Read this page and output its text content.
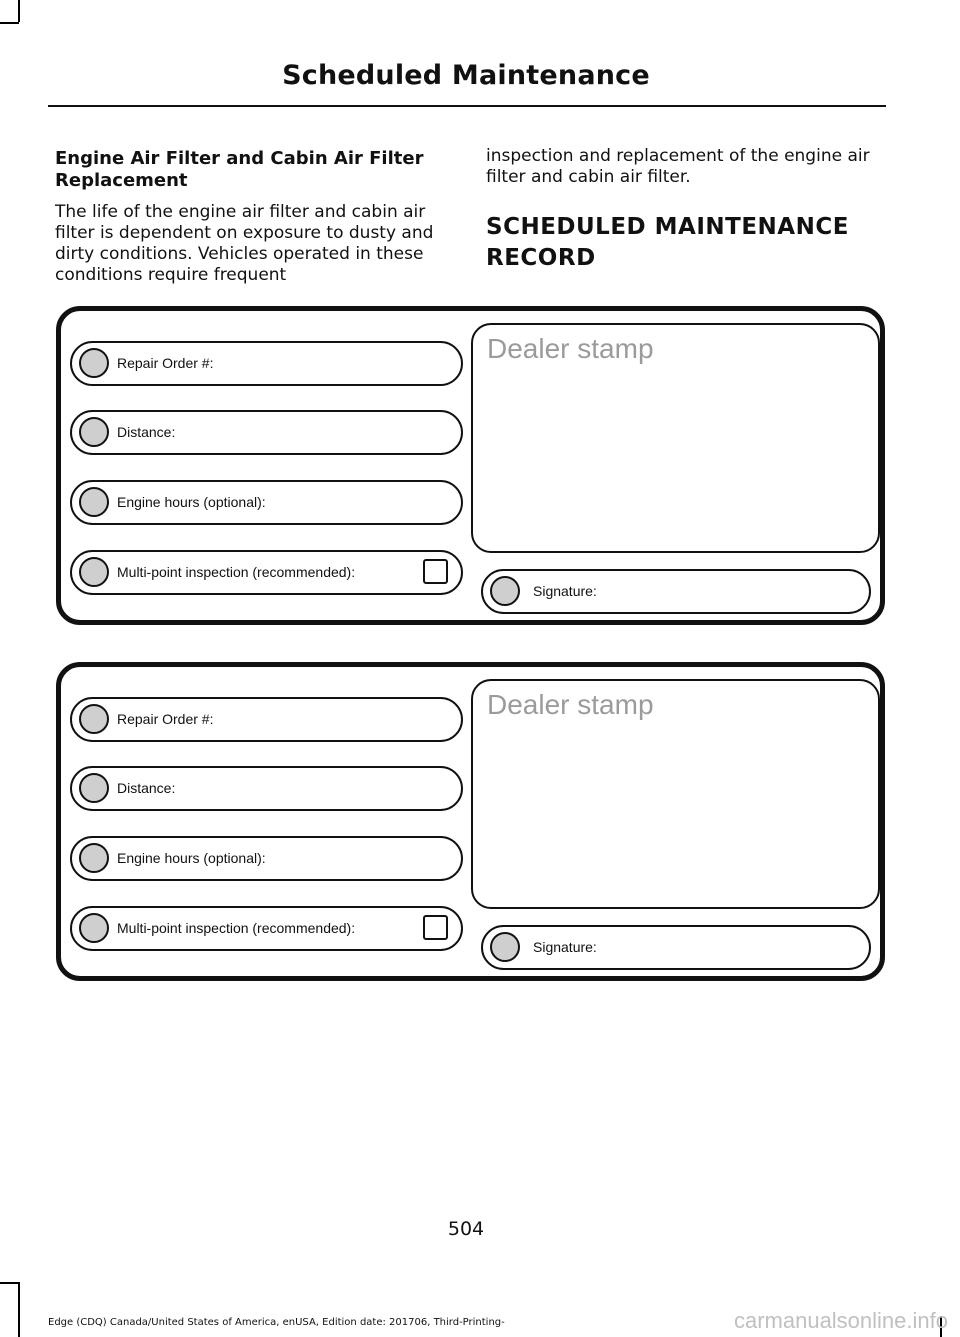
Scheduled Maintenance
Engine Air Filter and Cabin Air Filter Replacement

The life of the engine air filter and cabin air filter is dependent on exposure to dusty and dirty conditions. Vehicles operated in these conditions require frequent

inspection and replacement of the engine air filter and cabin air filter.

SCHEDULED MAINTENANCE
RECORD
Repair Order #:
Distance:
Engine hours (optional):
Multi-point inspection (recommended):
Dealer stamp
Signature:
Repair Order #:
Distance:
Engine hours (optional):
Multi-point inspection (recommended):
Dealer stamp
Signature:
504
Edge (CDQ) Canada/United States of America, enUSA, Edition date: 201706, Third-Printing-	carmanualsonline.info
